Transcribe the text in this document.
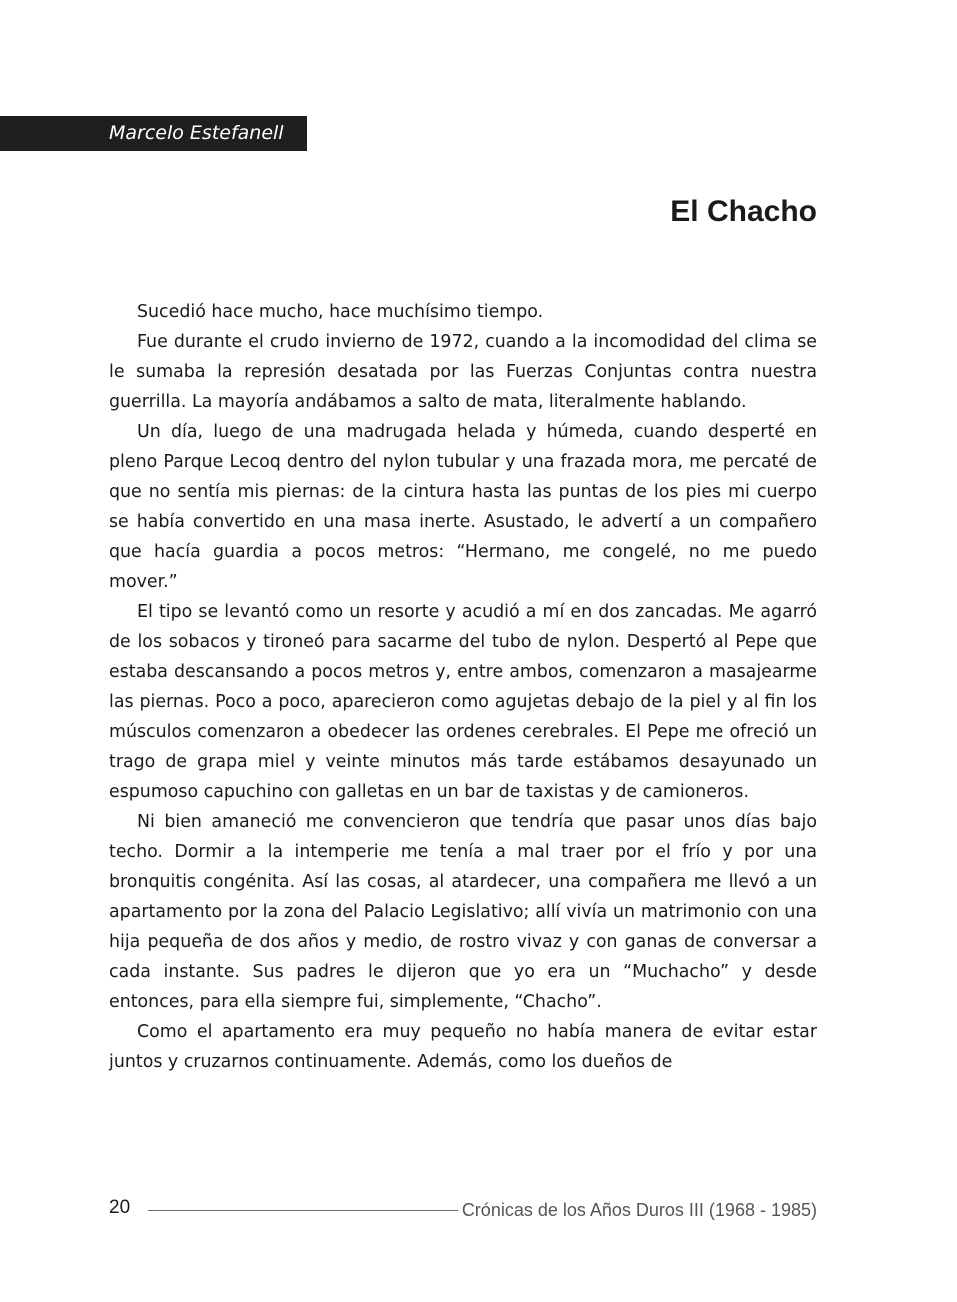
Marcelo Estefanell
El Chacho

Sucedió hace mucho, hace muchísimo tiempo.

Fue durante el crudo invierno de 1972, cuando a la incomodidad del clima se le sumaba la represión desatada por las Fuerzas Conjuntas contra nuestra guerrilla. La mayoría andábamos a salto de mata, literalmente hablando.

Un día, luego de una madrugada helada y húmeda, cuando desperté en pleno Parque Lecoq dentro del nylon tubular y una frazada mora, me percaté de que no sentía mis piernas: de la cintura hasta las puntas de los pies mi cuerpo se había convertido en una masa inerte. Asustado, le advertí a un compañero que hacía guardia a pocos metros: “Hermano, me congelé, no me puedo mover.”

El tipo se levantó como un resorte y acudió a mí en dos zancadas. Me agarró de los sobacos y tironeó para sacarme del tubo de nylon. Despertó al Pepe que estaba descansando a pocos metros y, entre ambos, comenzaron a masajearme las piernas. Poco a poco, aparecieron como agujetas debajo de la piel y al fin los músculos comenzaron a obedecer las ordenes cerebrales. El Pepe me ofreció un trago de grapa miel y veinte minutos más tarde estábamos desayunado un espumoso capuchino con galletas en un bar de taxistas y de camioneros.

Ni bien amaneció me convencieron que tendría que pasar unos días bajo techo. Dormir a la intemperie me tenía a mal traer por el frío y por una bronquitis congénita. Así las cosas, al atardecer, una compañera me llevó a un apartamento por la zona del Palacio Legislativo; allí vivía un matrimonio con una hija pequeña de dos años y medio, de rostro vivaz y con ganas de conversar a cada instante. Sus padres le dijeron que yo era un “Muchacho” y desde entonces, para ella siempre fui, simplemente, “Chacho”.

Como el apartamento era muy pequeño no había manera de evitar estar juntos y cruzarnos continuamente. Además, como los dueños de

20	Crónicas de los Años Duros III (1968 - 1985)
